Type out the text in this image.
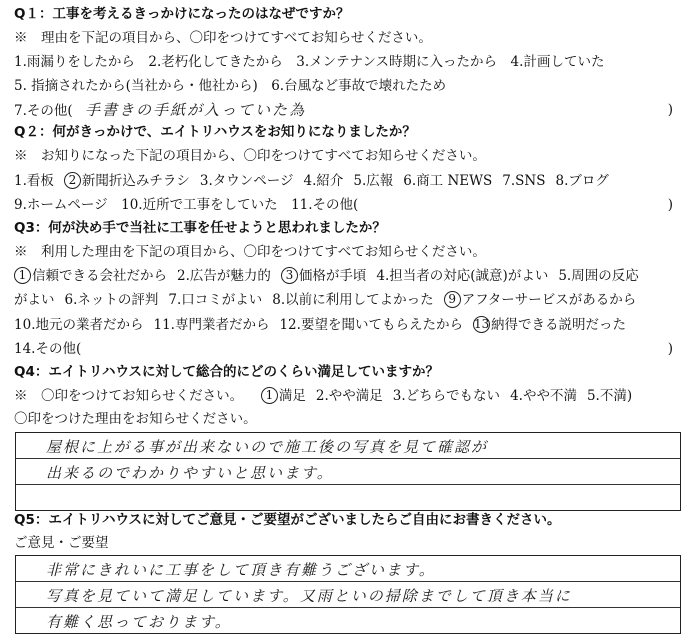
Q１：工事を考えるきっかけになったのはなぜですか？
※　理由を下記の項目から、〇印をつけてすべてお知らせください。
1.雨漏りをしたから　2.老朽化してきたから　3.メンテナンス時期に入ったから　4.計画していた
5. 指摘されたから(当社から・他社から)　6.台風など事故で壊れたため
7.その他( 手書きの手紙が入っていた為	)
Q２：何がきっかけで、エイトリハウスをお知りになりましたか？
※　お知りになった下記の項目から、〇印をつけてすべてお知らせください。
1.看板 2 新聞折込みチラシ 3.タウンページ 4.紹介 5.広報 6.商工 NEWS 7.SNS 8.ブログ
9.ホームページ　10.近所で工事をしていた　11.その他(	)
Q3：何が決め手で当社に工事を任せようと思われましたか？
※　利用した理由を下記の項目から、〇印をつけてすべてお知らせください。
1 信頼できる会社だから 2.広告が魅力的 3 価格が手頃 4.担当者の対応(誠意)がよい 5.周囲の反応
がよい 6.ネットの評判 7.口コミがよい 8.以前に利用してよかった 9 アフターサービスがあるから
10.地元の業者だから 11.専門業者だから 12.要望を聞いてもらえたから 13 納得できる説明だった
14.その他(	)
Q4：エイトリハウスに対して総合的にどのくらい満足していますか？
※　〇印をつけてお知らせください。 　 1 満足 2.やや満足 3.どちらでもない 4.やや不満 5.不満)
〇印をつけた理由をお知らせください。
屋根に上がる事が出来ないので施工後の写真を見て確認が
出来るのでわかりやすいと思います。
Q5：エイトリハウスに対してご意見・ご要望がございましたらご自由にお書きください。
ご意見・ご要望
非常にきれいに工事をして頂き有難うございます。
写真を見ていて満足しています。又雨といの掃除までして頂き本当に
有難く思っております。
